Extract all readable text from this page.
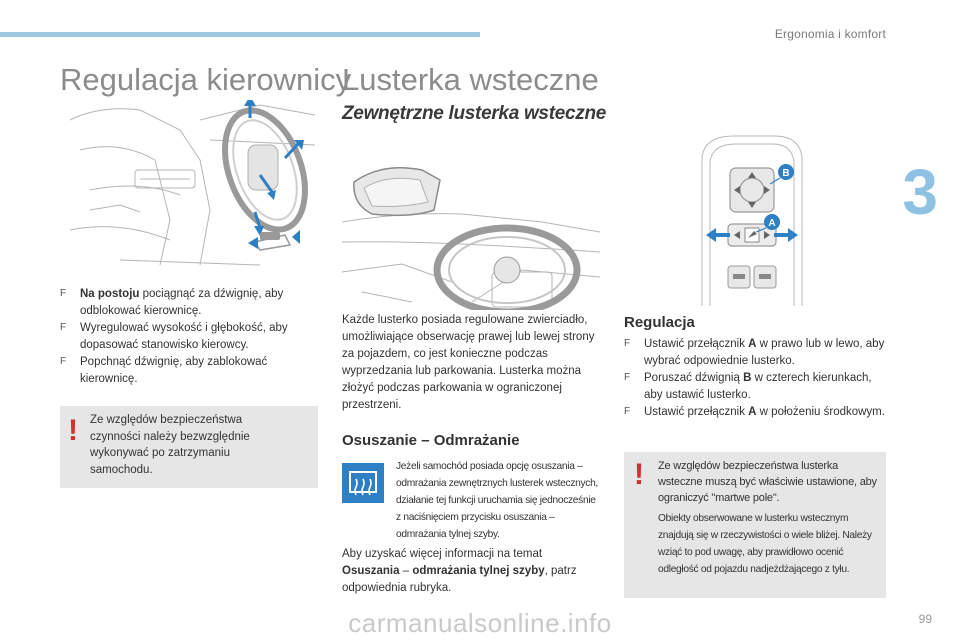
Ergonomia i komfort
3
99
Regulacja kierownicy
F Na postoju pociągnąć za dźwignię, aby odblokować kierownicę.
F Wyregulować wysokość i głębokość, aby dopasować stanowisko kierowcy.
F Popchnąć dźwignię, aby zablokować kierownicę.
! Ze względów bezpieczeństwa czynności należy bezwzględnie wykonywać po zatrzymaniu samochodu.
Lusterka wsteczne
Zewnętrzne lusterka wsteczne
Każde lusterko posiada regulowane zwierciadło, umożliwiające obserwację prawej lub lewej strony za pojazdem, co jest konieczne podczas wyprzedzania lub parkowania. Lusterka można złożyć podczas parkowania w ograniczonej przestrzeni.
Osuszanie – Odmrażanie
Jeżeli samochód posiada opcję osuszania – odmrażania zewnętrznych lusterek wstecznych, działanie tej funkcji uruchamia się jednocześnie z naciśnięciem przycisku osuszania – odmrażania tylnej szyby.
Aby uzyskać więcej informacji na temat Osuszania – odmrażania tylnej szyby, patrz odpowiednia rubryka.
B
A
Regulacja
F Ustawić przełącznik A w prawo lub w lewo, aby wybrać odpowiednie lusterko.
F Poruszać dźwignią B w czterech kierunkach, aby ustawić lusterko.
F Ustawić przełącznik A w położeniu środkowym.
! Ze względów bezpieczeństwa lusterka wsteczne muszą być właściwie ustawione, aby ograniczyć "martwe pole".
Obiekty obserwowane w lusterku wstecznym znajdują się w rzeczywistości o wiele bliżej. Należy wziąć to pod uwagę, aby prawidłowo ocenić odległość od pojazdu nadjeżdżającego z tyłu.
carmanualsonline.info
